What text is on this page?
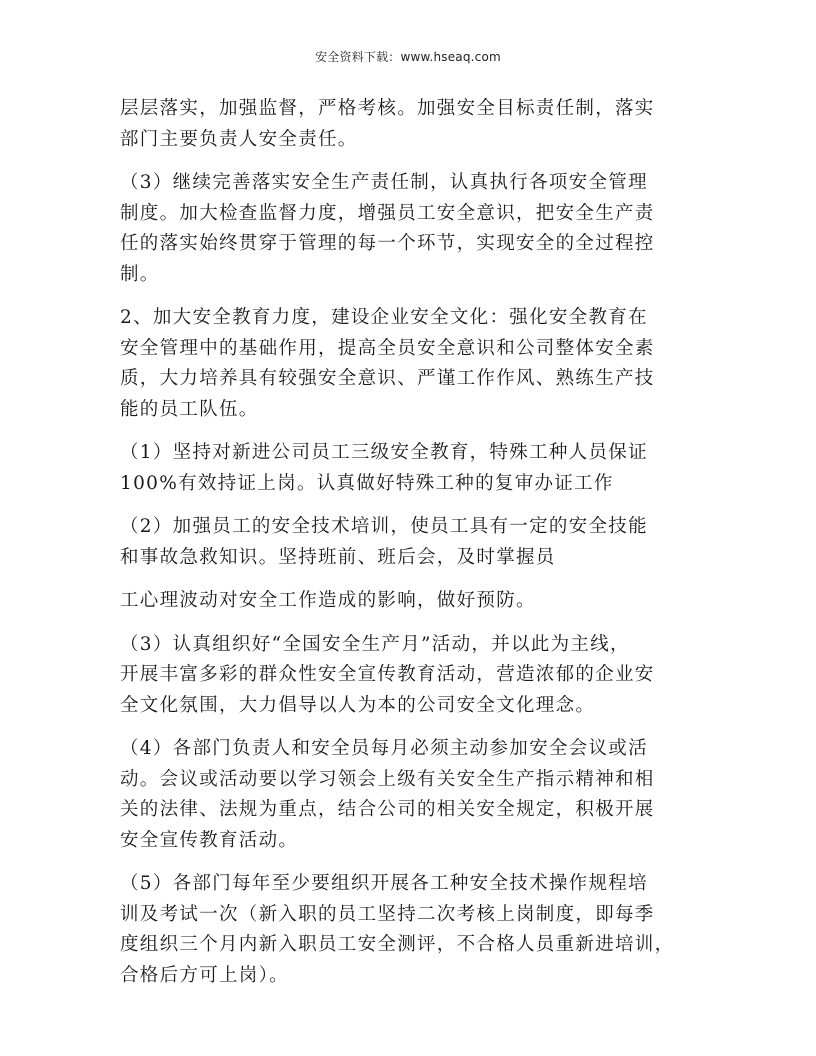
安全资料下载：www.hseaq.com

层层落实，加强监督，严格考核。加强安全目标责任制，落实
部门主要负责人安全责任。

（3）继续完善落实安全生产责任制，认真执行各项安全管理
制度。加大检查监督力度，增强员工安全意识，把安全生产责
任的落实始终贯穿于管理的每一个环节，实现安全的全过程控
制。

2、加大安全教育力度，建设企业安全文化：强化安全教育在
安全管理中的基础作用，提高全员安全意识和公司整体安全素
质，大力培养具有较强安全意识、严谨工作作风、熟练生产技
能的员工队伍。

（1）坚持对新进公司员工三级安全教育，特殊工种人员保证
100%有效持证上岗。认真做好特殊工种的复审办证工作

（2）加强员工的安全技术培训，使员工具有一定的安全技能
和事故急救知识。坚持班前、班后会，及时掌握员

工心理波动对安全工作造成的影响，做好预防。

（3）认真组织好“全国安全生产月”活动，并以此为主线，
开展丰富多彩的群众性安全宣传教育活动，营造浓郁的企业安
全文化氛围，大力倡导以人为本的公司安全文化理念。

（4）各部门负责人和安全员每月必须主动参加安全会议或活
动。会议或活动要以学习领会上级有关安全生产指示精神和相
关的法律、法规为重点，结合公司的相关安全规定，积极开展
安全宣传教育活动。

（5）各部门每年至少要组织开展各工种安全技术操作规程培
训及考试一次（新入职的员工坚持二次考核上岗制度，即每季
度组织三个月内新入职员工安全测评，不合格人员重新进培训，
合格后方可上岗）。
